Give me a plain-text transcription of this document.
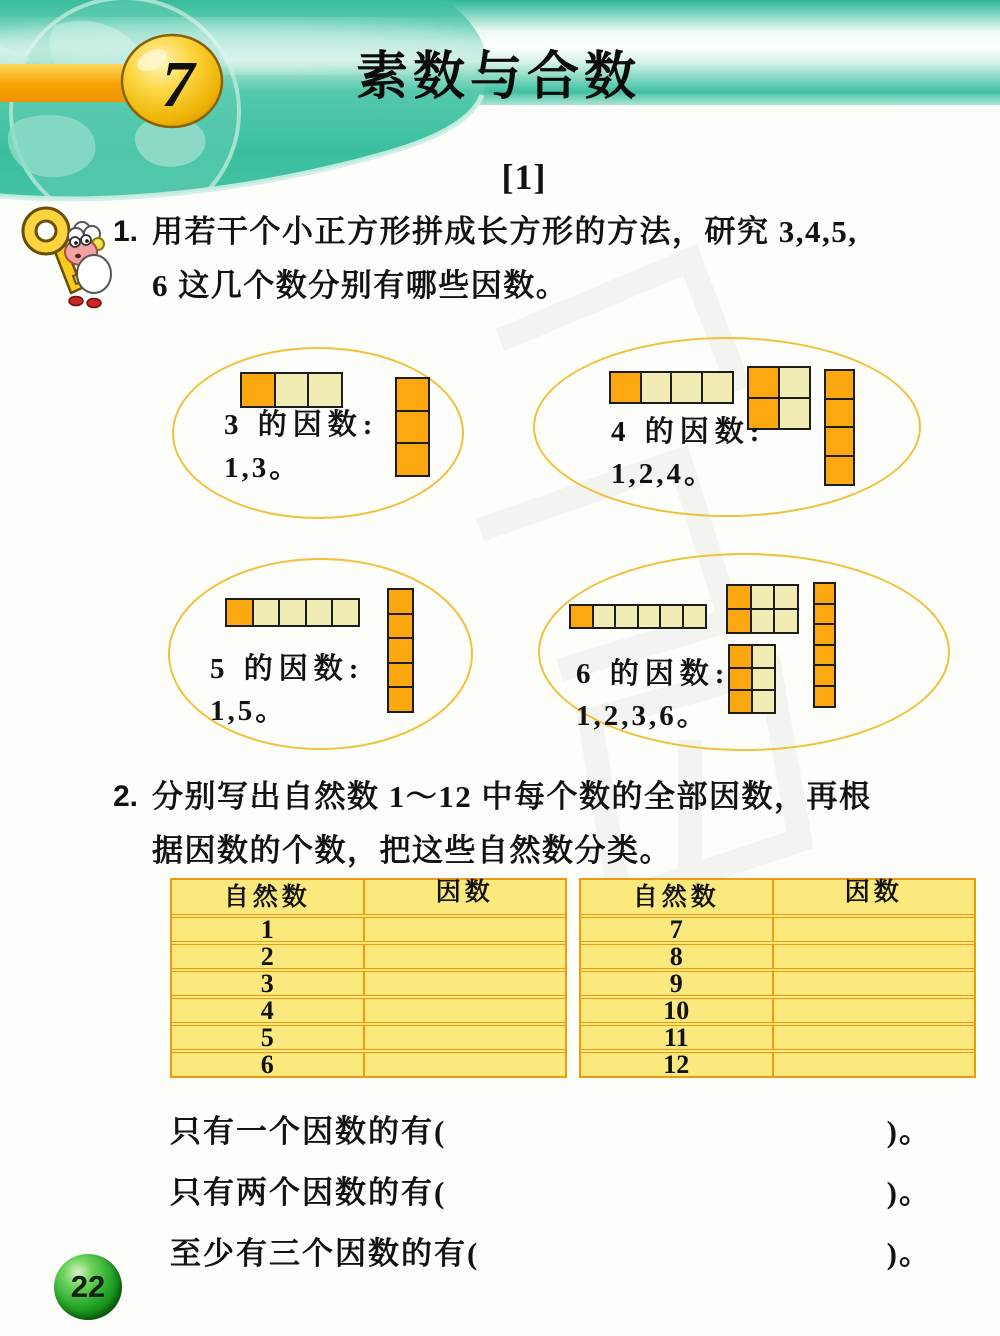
7	素数与合数
[1]
1. 用若干个小正方形拼成长方形的方法，研究 3,4,5,
6 这几个数分别有哪些因数。
3 的因数:
1,3。
4 的因数:
1,2,4。
5 的因数:
1,5。
6 的因数:
1,2,3,6。
2. 分别写出自然数 1～12 中每个数的全部因数，再根
据因数的个数，把这些自然数分类。
自然数	因数
1
2
3
4
5
6
自然数	因数
7
8
9
10
11
12
只有一个因数的有(	)。
只有两个因数的有(	)。
至少有三个因数的有(	)。
22
